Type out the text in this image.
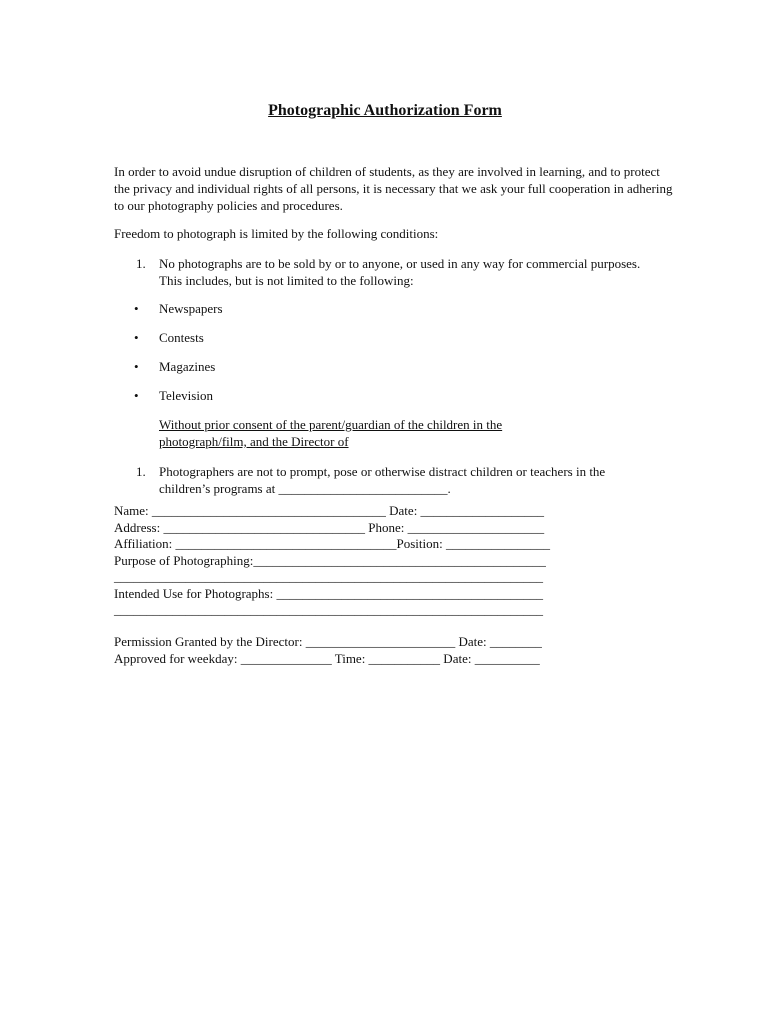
Photographic Authorization Form

In order to avoid undue disruption of children of students, as they are involved in learning, and to protect the privacy and individual rights of all persons, it is necessary that we ask your full cooperation in adhering to our photography policies and procedures.

Freedom to photograph is limited by the following conditions:

1. No photographs are to be sold by or to anyone, or used in any way for commercial purposes. This includes, but is not limited to the following:
• Newspapers
• Contests
• Magazines
• Television
Without prior consent of the parent/guardian of the children in the photograph/film, and the Director of
1. Photographers are not to prompt, pose or otherwise distract children or teachers in the children’s programs at __________________________.
Name: ____________________________________ Date: ___________________
Address: _______________________________ Phone: _____________________
Affiliation: __________________________________Position: ________________
Purpose of Photographing:_____________________________________________
__________________________________________________________________
Intended Use for Photographs: _________________________________________
__________________________________________________________________
Permission Granted by the Director: _______________________ Date: ________
Approved for weekday: ______________ Time: ___________ Date: __________
